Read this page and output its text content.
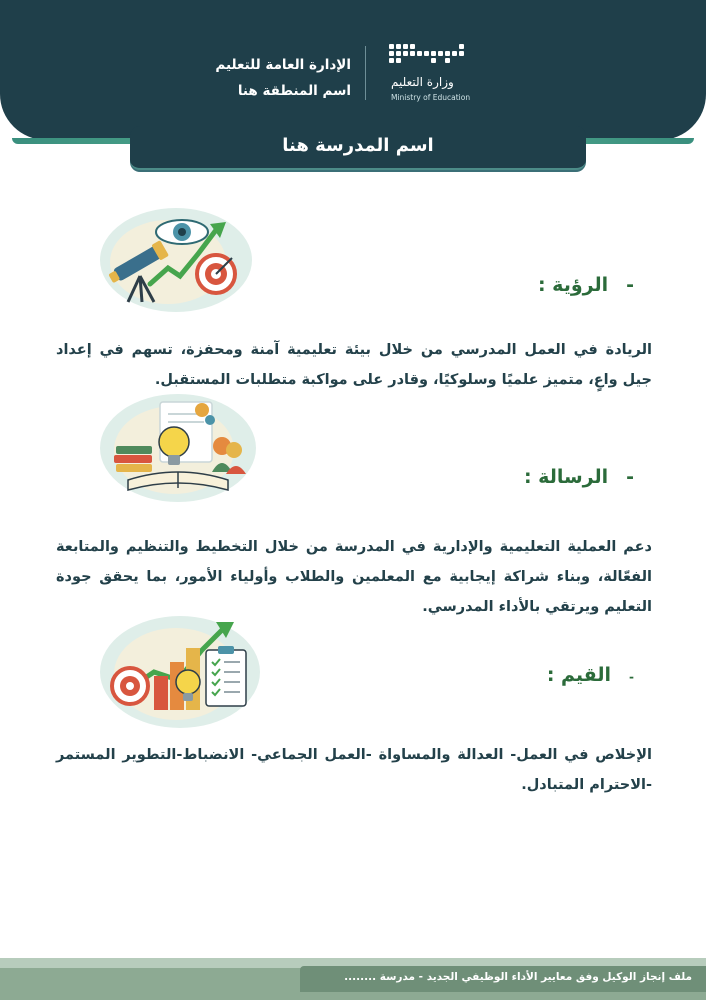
وزارة التعليم
Ministry of Education
الإدارة العامة للتعليم
اسم المنطقة هنا
اسم المدرسة هنا
-الرؤية :
الريادة في العمل المدرسي من خلال بيئة تعليمية آمنة ومحفزة، تسهم في إعداد جيل واعٍ، متميز علميًا وسلوكيًا، وقادر على مواكبة متطلبات المستقبل.
-الرسالة :
دعم العملية التعليمية والإدارية في المدرسة من خلال التخطيط والتنظيم والمتابعة الفعّالة، وبناء شراكة إيجابية مع المعلمين والطلاب وأولياء الأمور، بما يحقق جودة التعليم ويرتقي بالأداء المدرسي.
-القيم :
الإخلاص في العمل- العدالة والمساواة -العمل الجماعي- الانضباط-التطوير المستمر -الاحترام المتبادل.
ملف إنجاز الوكيل وفق معايير الأداء الوظيفي الجديد - مدرسة ........
